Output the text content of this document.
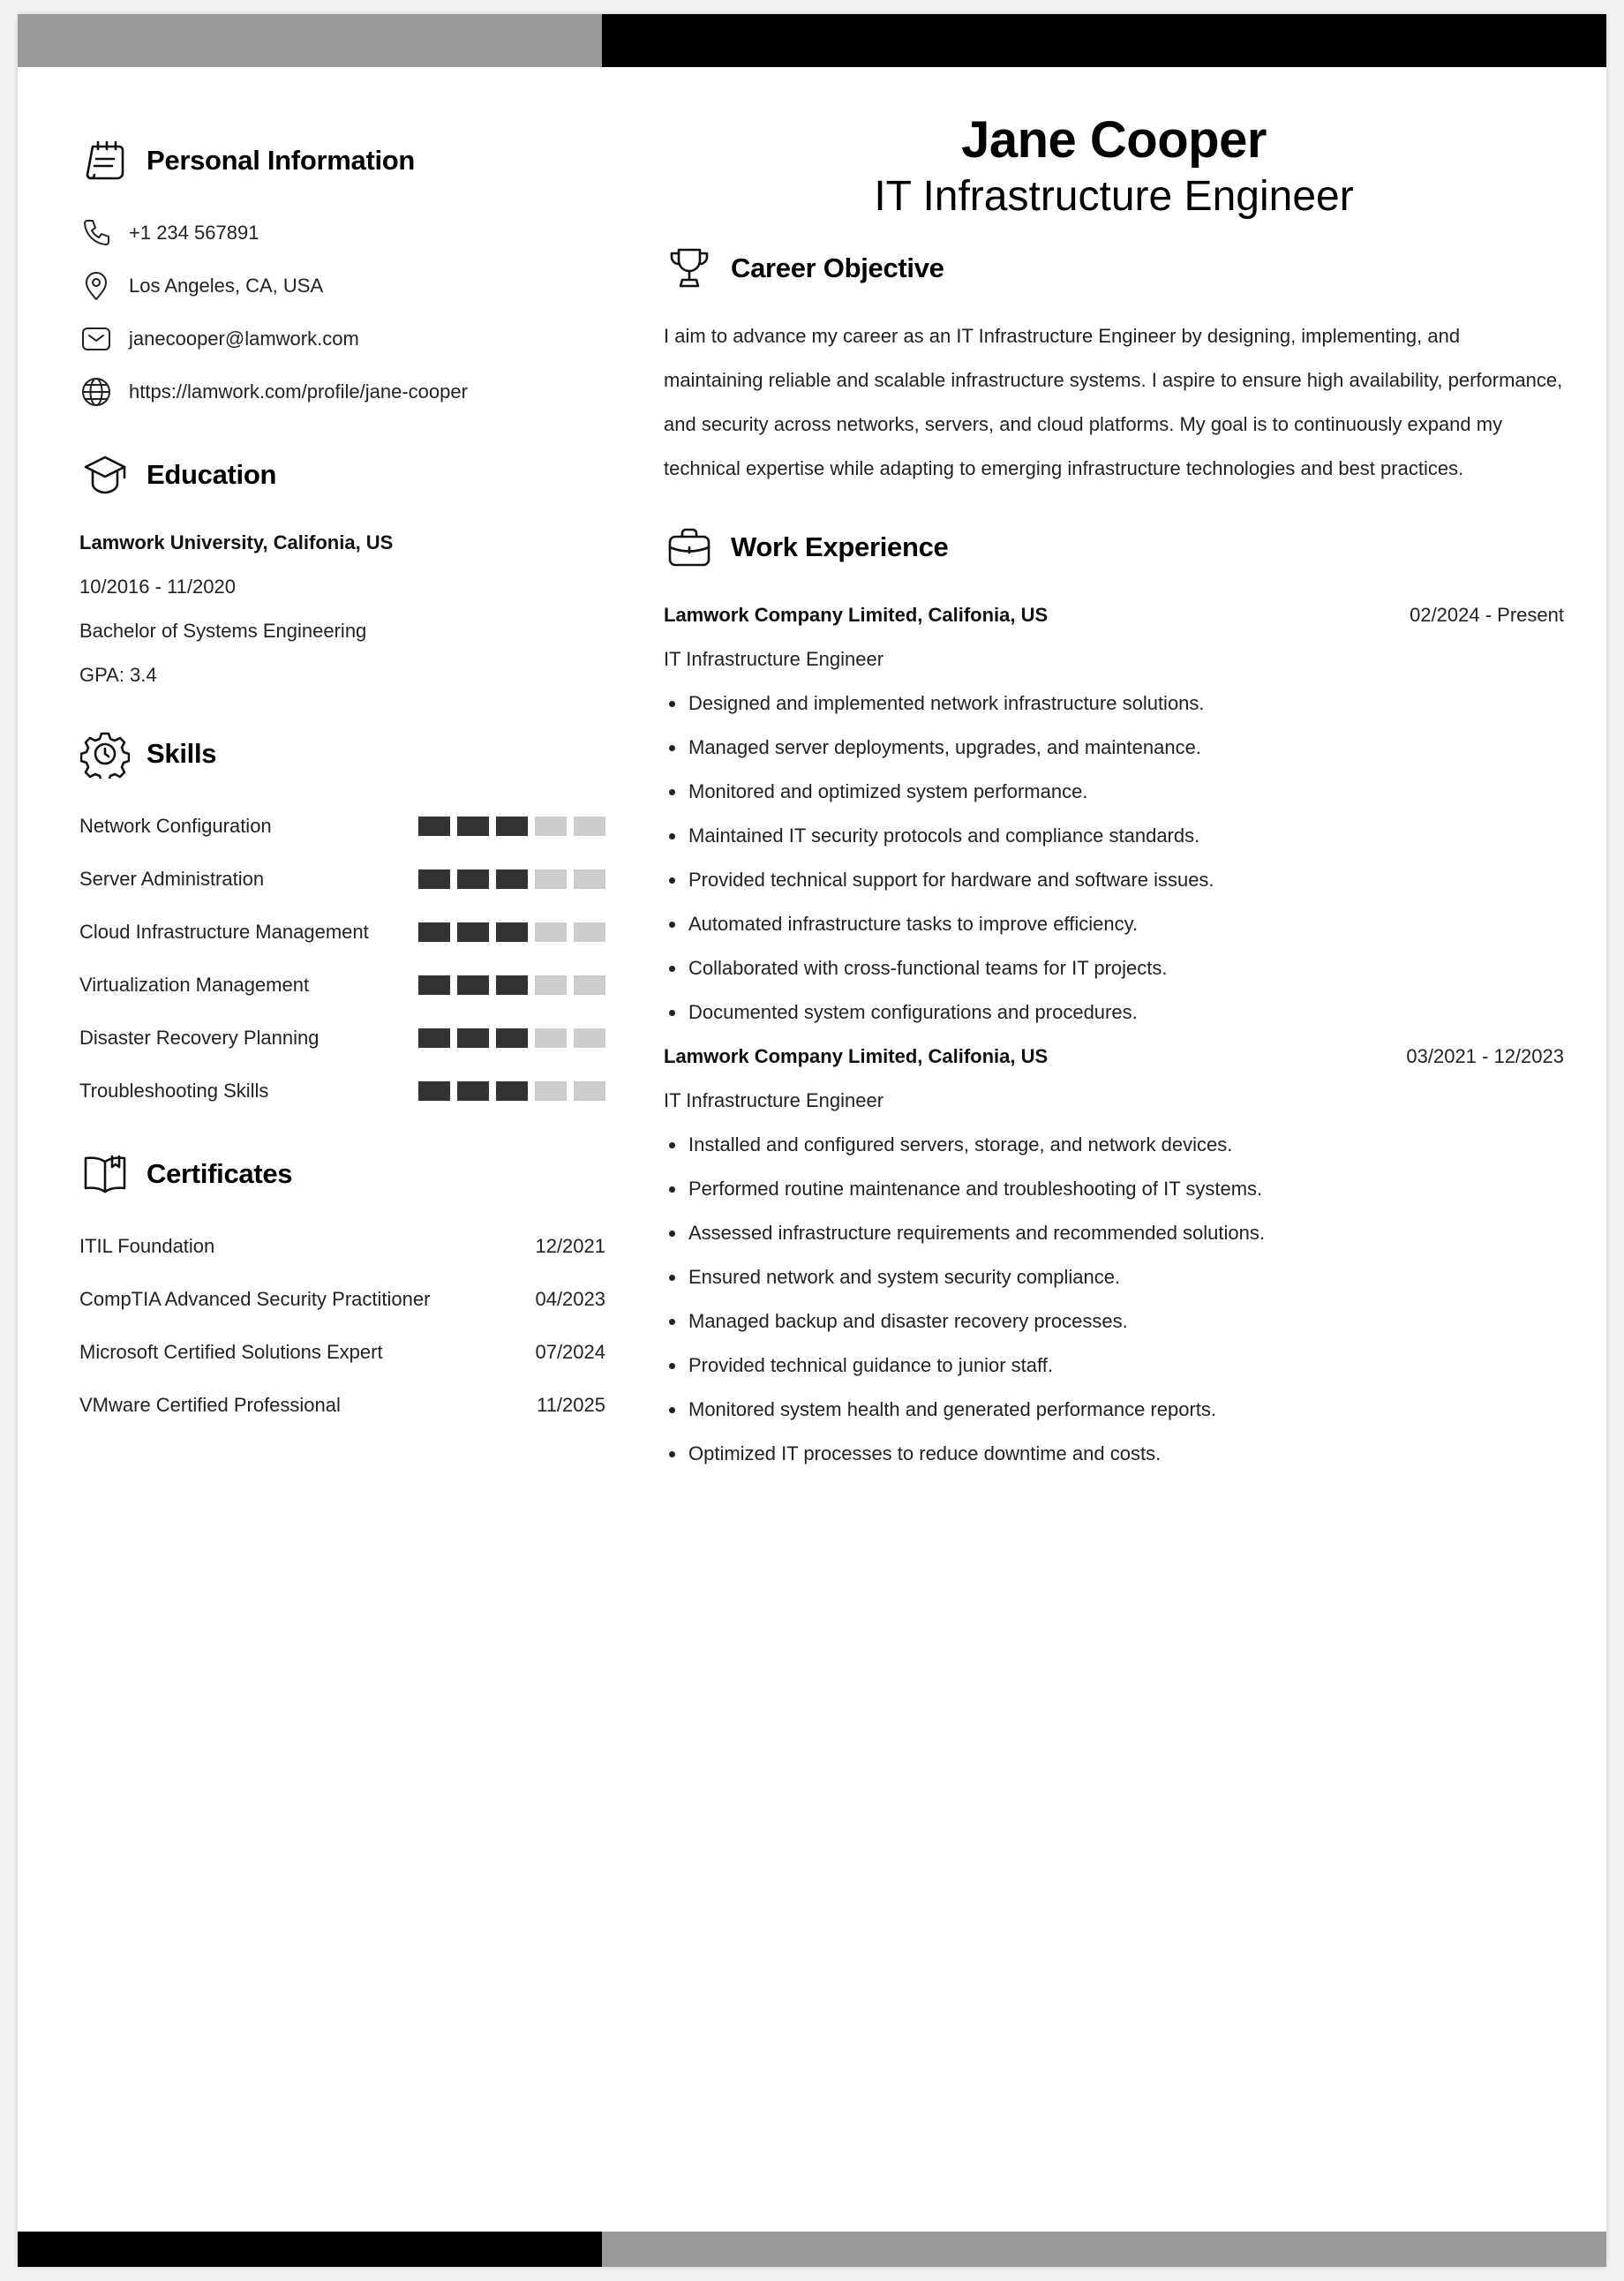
Personal Information
+1 234 567891
Los Angeles, CA, USA
janecooper@lamwork.com
https://lamwork.com/profile/jane-cooper
Education
Lamwork University, Califonia, US
10/2016 - 11/2020
Bachelor of Systems Engineering
GPA: 3.4
Skills
Network Configuration
Server Administration
Cloud Infrastructure Management
Virtualization Management
Disaster Recovery Planning
Troubleshooting Skills
Certificates
ITIL Foundation	12/2021
CompTIA Advanced Security Practitioner	04/2023
Microsoft Certified Solutions Expert	07/2024
VMware Certified Professional	11/2025
Jane Cooper
IT Infrastructure Engineer
Career Objective
I aim to advance my career as an IT Infrastructure Engineer by designing, implementing, and maintaining reliable and scalable infrastructure systems. I aspire to ensure high availability, performance, and security across networks, servers, and cloud platforms. My goal is to continuously expand my technical expertise while adapting to emerging infrastructure technologies and best practices.
Work Experience
Lamwork Company Limited, Califonia, US	02/2024 - Present
IT Infrastructure Engineer
Designed and implemented network infrastructure solutions.
Managed server deployments, upgrades, and maintenance.
Monitored and optimized system performance.
Maintained IT security protocols and compliance standards.
Provided technical support for hardware and software issues.
Automated infrastructure tasks to improve efficiency.
Collaborated with cross-functional teams for IT projects.
Documented system configurations and procedures.
Lamwork Company Limited, Califonia, US	03/2021 - 12/2023
IT Infrastructure Engineer
Installed and configured servers, storage, and network devices.
Performed routine maintenance and troubleshooting of IT systems.
Assessed infrastructure requirements and recommended solutions.
Ensured network and system security compliance.
Managed backup and disaster recovery processes.
Provided technical guidance to junior staff.
Monitored system health and generated performance reports.
Optimized IT processes to reduce downtime and costs.
